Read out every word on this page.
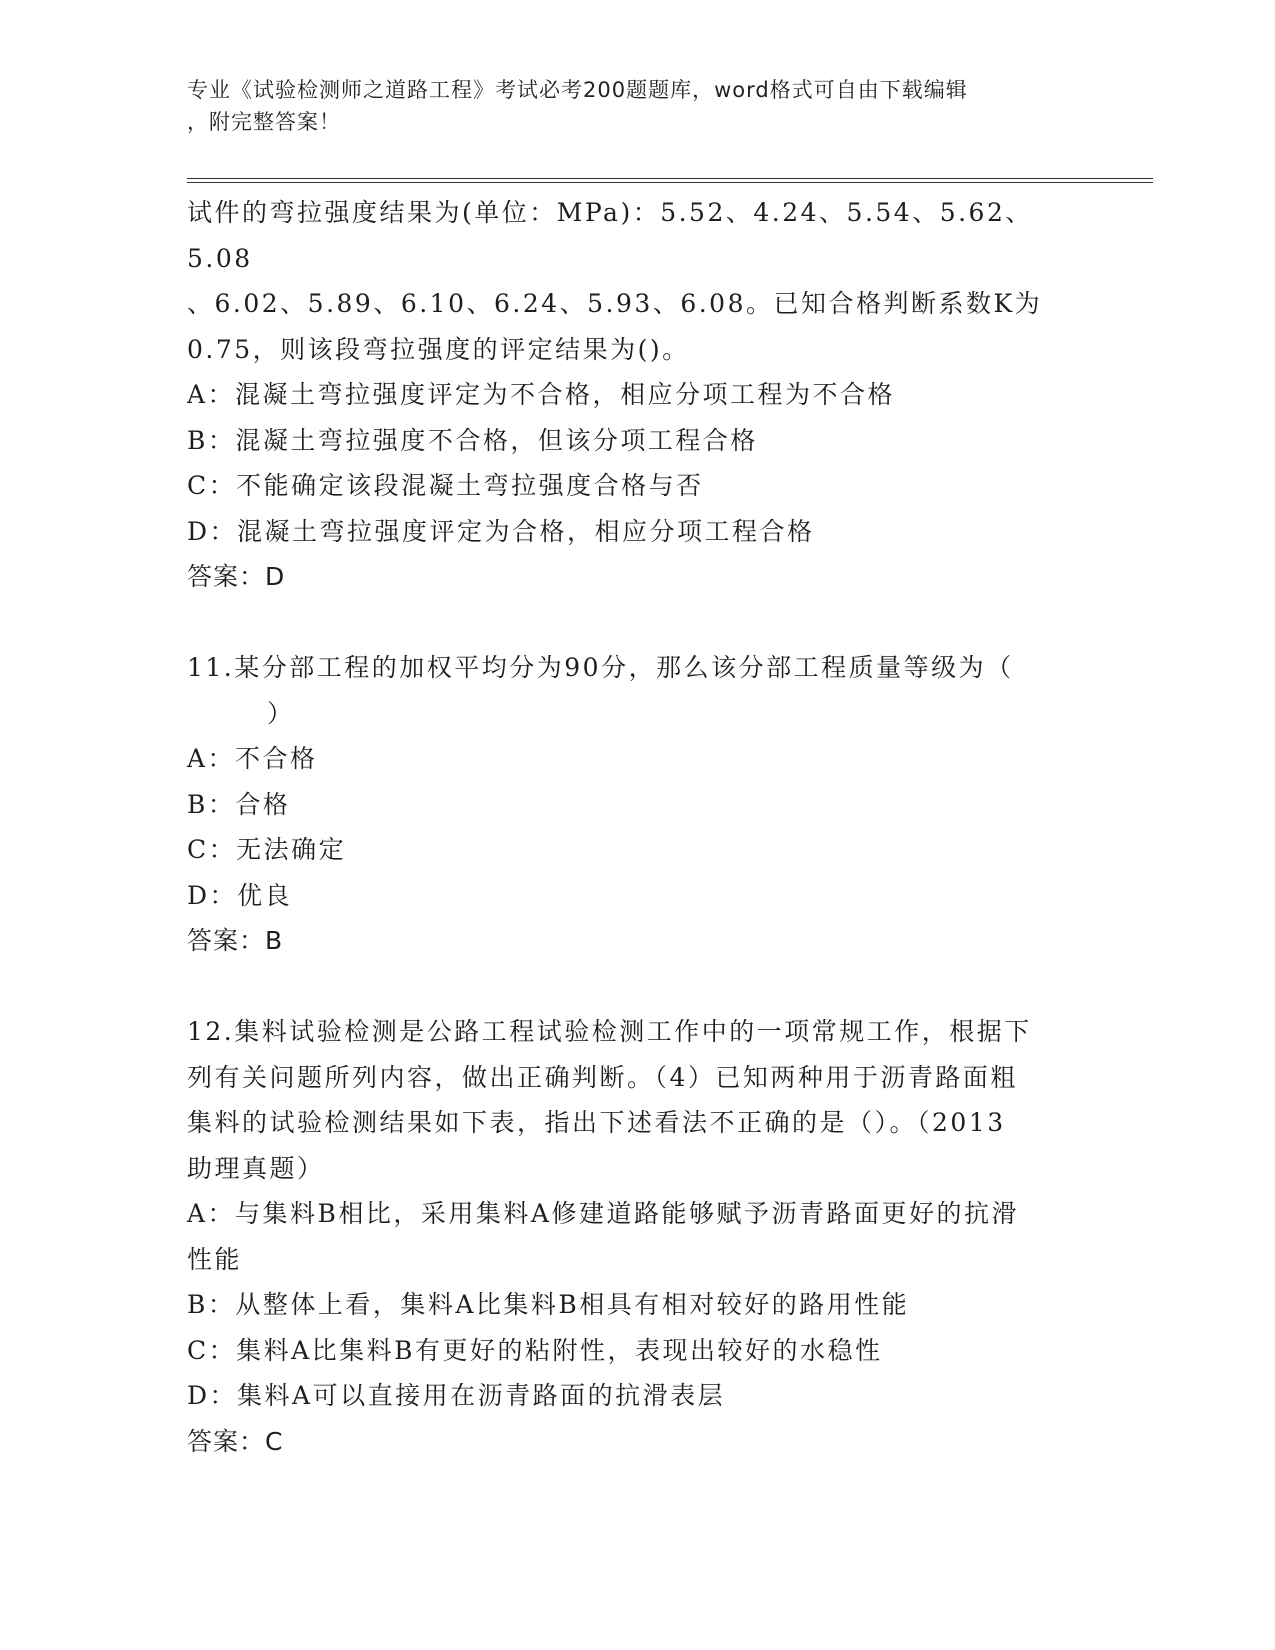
专业《试验检测师之道路工程》考试必考200题题库，word格式可自由下载编辑
，附完整答案！

试件的弯拉强度结果为(单位：MPa)：5.52、4.24、5.54、5.62、5.08

、6.02、5.89、6.10、6.24、5.93、6.08。已知合格判断系数K为

0.75，则该段弯拉强度的评定结果为()。

A：混凝土弯拉强度评定为不合格，相应分项工程为不合格

B：混凝土弯拉强度不合格，但该分项工程合格

C：不能确定该段混凝土弯拉强度合格与否

D：混凝土弯拉强度评定为合格，相应分项工程合格

答案：D

11.某分部工程的加权平均分为90分，那么该分部工程质量等级为（

）

A：不合格

B：合格

C：无法确定

D：优良

答案：B

12.集料试验检测是公路工程试验检测工作中的一项常规工作，根据下

列有关问题所列内容，做出正确判断。（4）已知两种用于沥青路面粗

集料的试验检测结果如下表，指出下述看法不正确的是（）。（2013

助理真题）

A：与集料B相比，采用集料A修建道路能够赋予沥青路面更好的抗滑

性能

B：从整体上看，集料A比集料B相具有相对较好的路用性能

C：集料A比集料B有更好的粘附性，表现出较好的水稳性

D：集料A可以直接用在沥青路面的抗滑表层

答案：C
